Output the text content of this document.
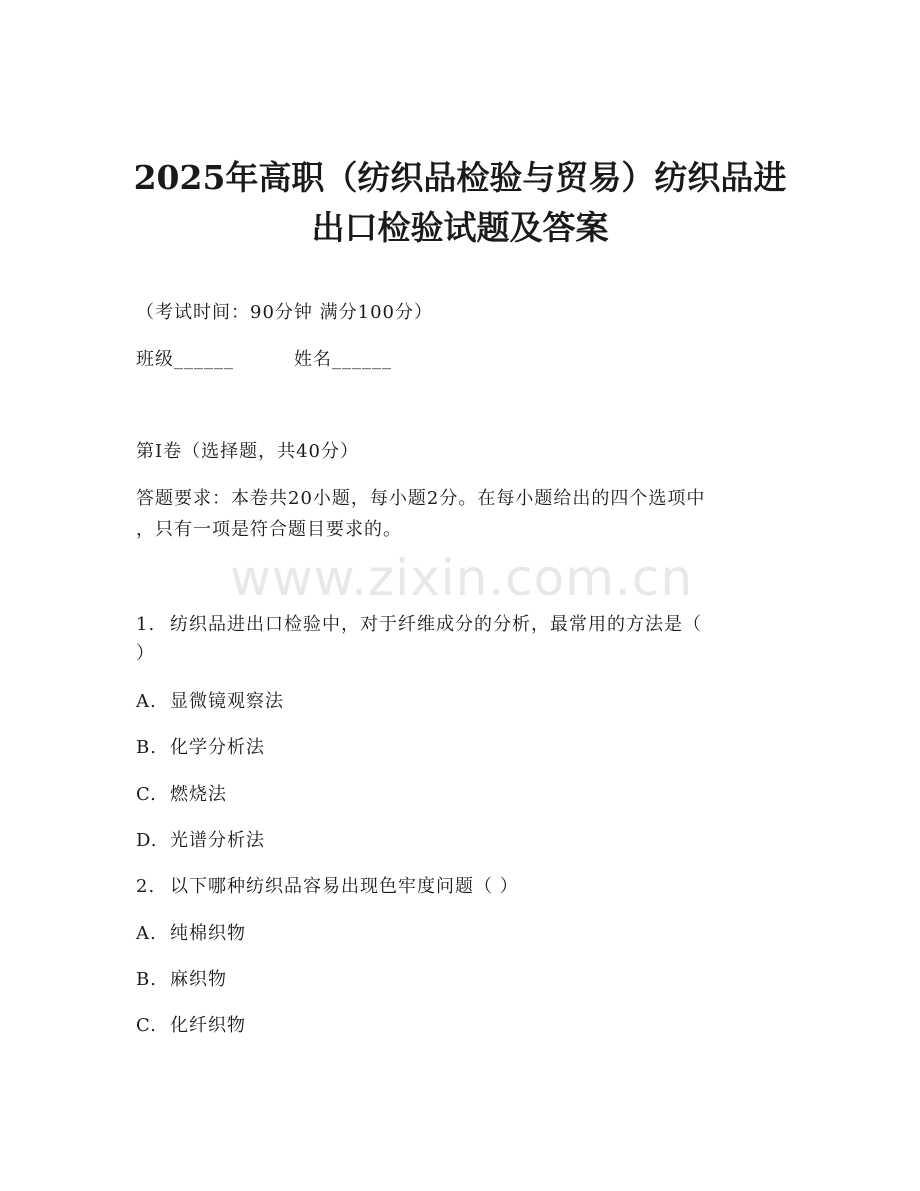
2025年高职（纺织品检验与贸易）纺织品进
出口检验试题及答案
（考试时间：90分钟 满分100分）
班级______	姓名______
第I卷（选择题，共40分）
答题要求：本卷共20小题，每小题2分。在每小题给出的四个选项中
，只有一项是符合题目要求的。
www.zixin.com.cn
1. 纺织品进出口检验中，对于纤维成分的分析，最常用的方法是（
）
A. 显微镜观察法
B. 化学分析法
C. 燃烧法
D. 光谱分析法
2. 以下哪种纺织品容易出现色牢度问题（ ）
A. 纯棉织物
B. 麻织物
C. 化纤织物
